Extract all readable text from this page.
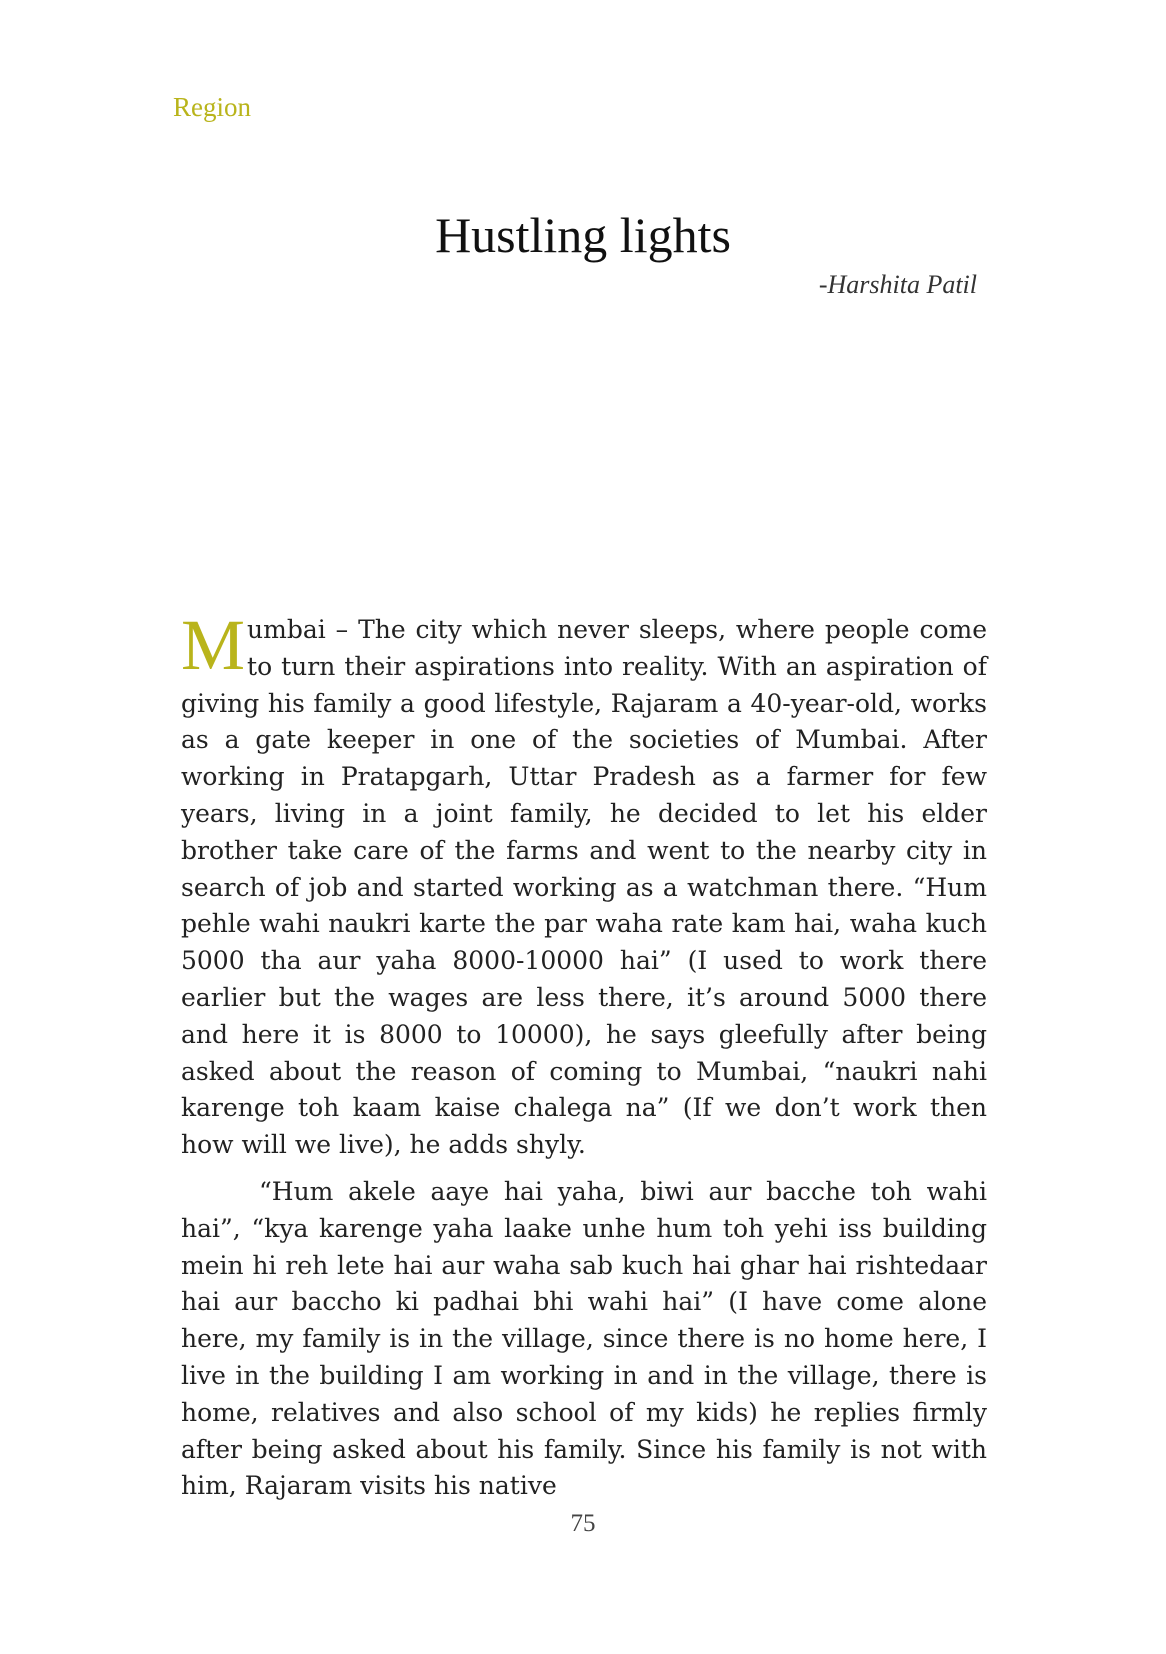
Region
Hustling lights
-Harshita Patil

Mumbai – The city which never sleeps, where people come to turn their aspirations into reality. With an aspiration of giving his family a good lifestyle, Rajaram a 40-year-old, works as a gate keeper in one of the societies of Mumbai. After working in Pratapgarh, Uttar Pradesh as a farmer for few years, living in a joint family, he decided to let his elder brother take care of the farms and went to the nearby city in search of job and started working as a watchman there. “Hum pehle wahi naukri karte the par waha rate kam hai, waha kuch 5000 tha aur yaha 8000-10000 hai” (I used to work there earlier but the wages are less there, it’s around 5000 there and here it is 8000 to 10000), he says gleefully after being asked about the reason of coming to Mumbai, “naukri nahi karenge toh kaam kaise chalega na” (If we don’t work then how will we live), he adds shyly.

“Hum akele aaye hai yaha, biwi aur bacche toh wahi hai”, “kya karenge yaha laake unhe hum toh yehi iss building mein hi reh lete hai aur waha sab kuch hai ghar hai rishtedaar hai aur baccho ki padhai bhi wahi hai” (I have come alone here, my family is in the village, since there is no home here, I live in the building I am working in and in the village, there is home, relatives and also school of my kids) he replies firmly after being asked about his family. Since his family is not with him, Rajaram visits his native

75
